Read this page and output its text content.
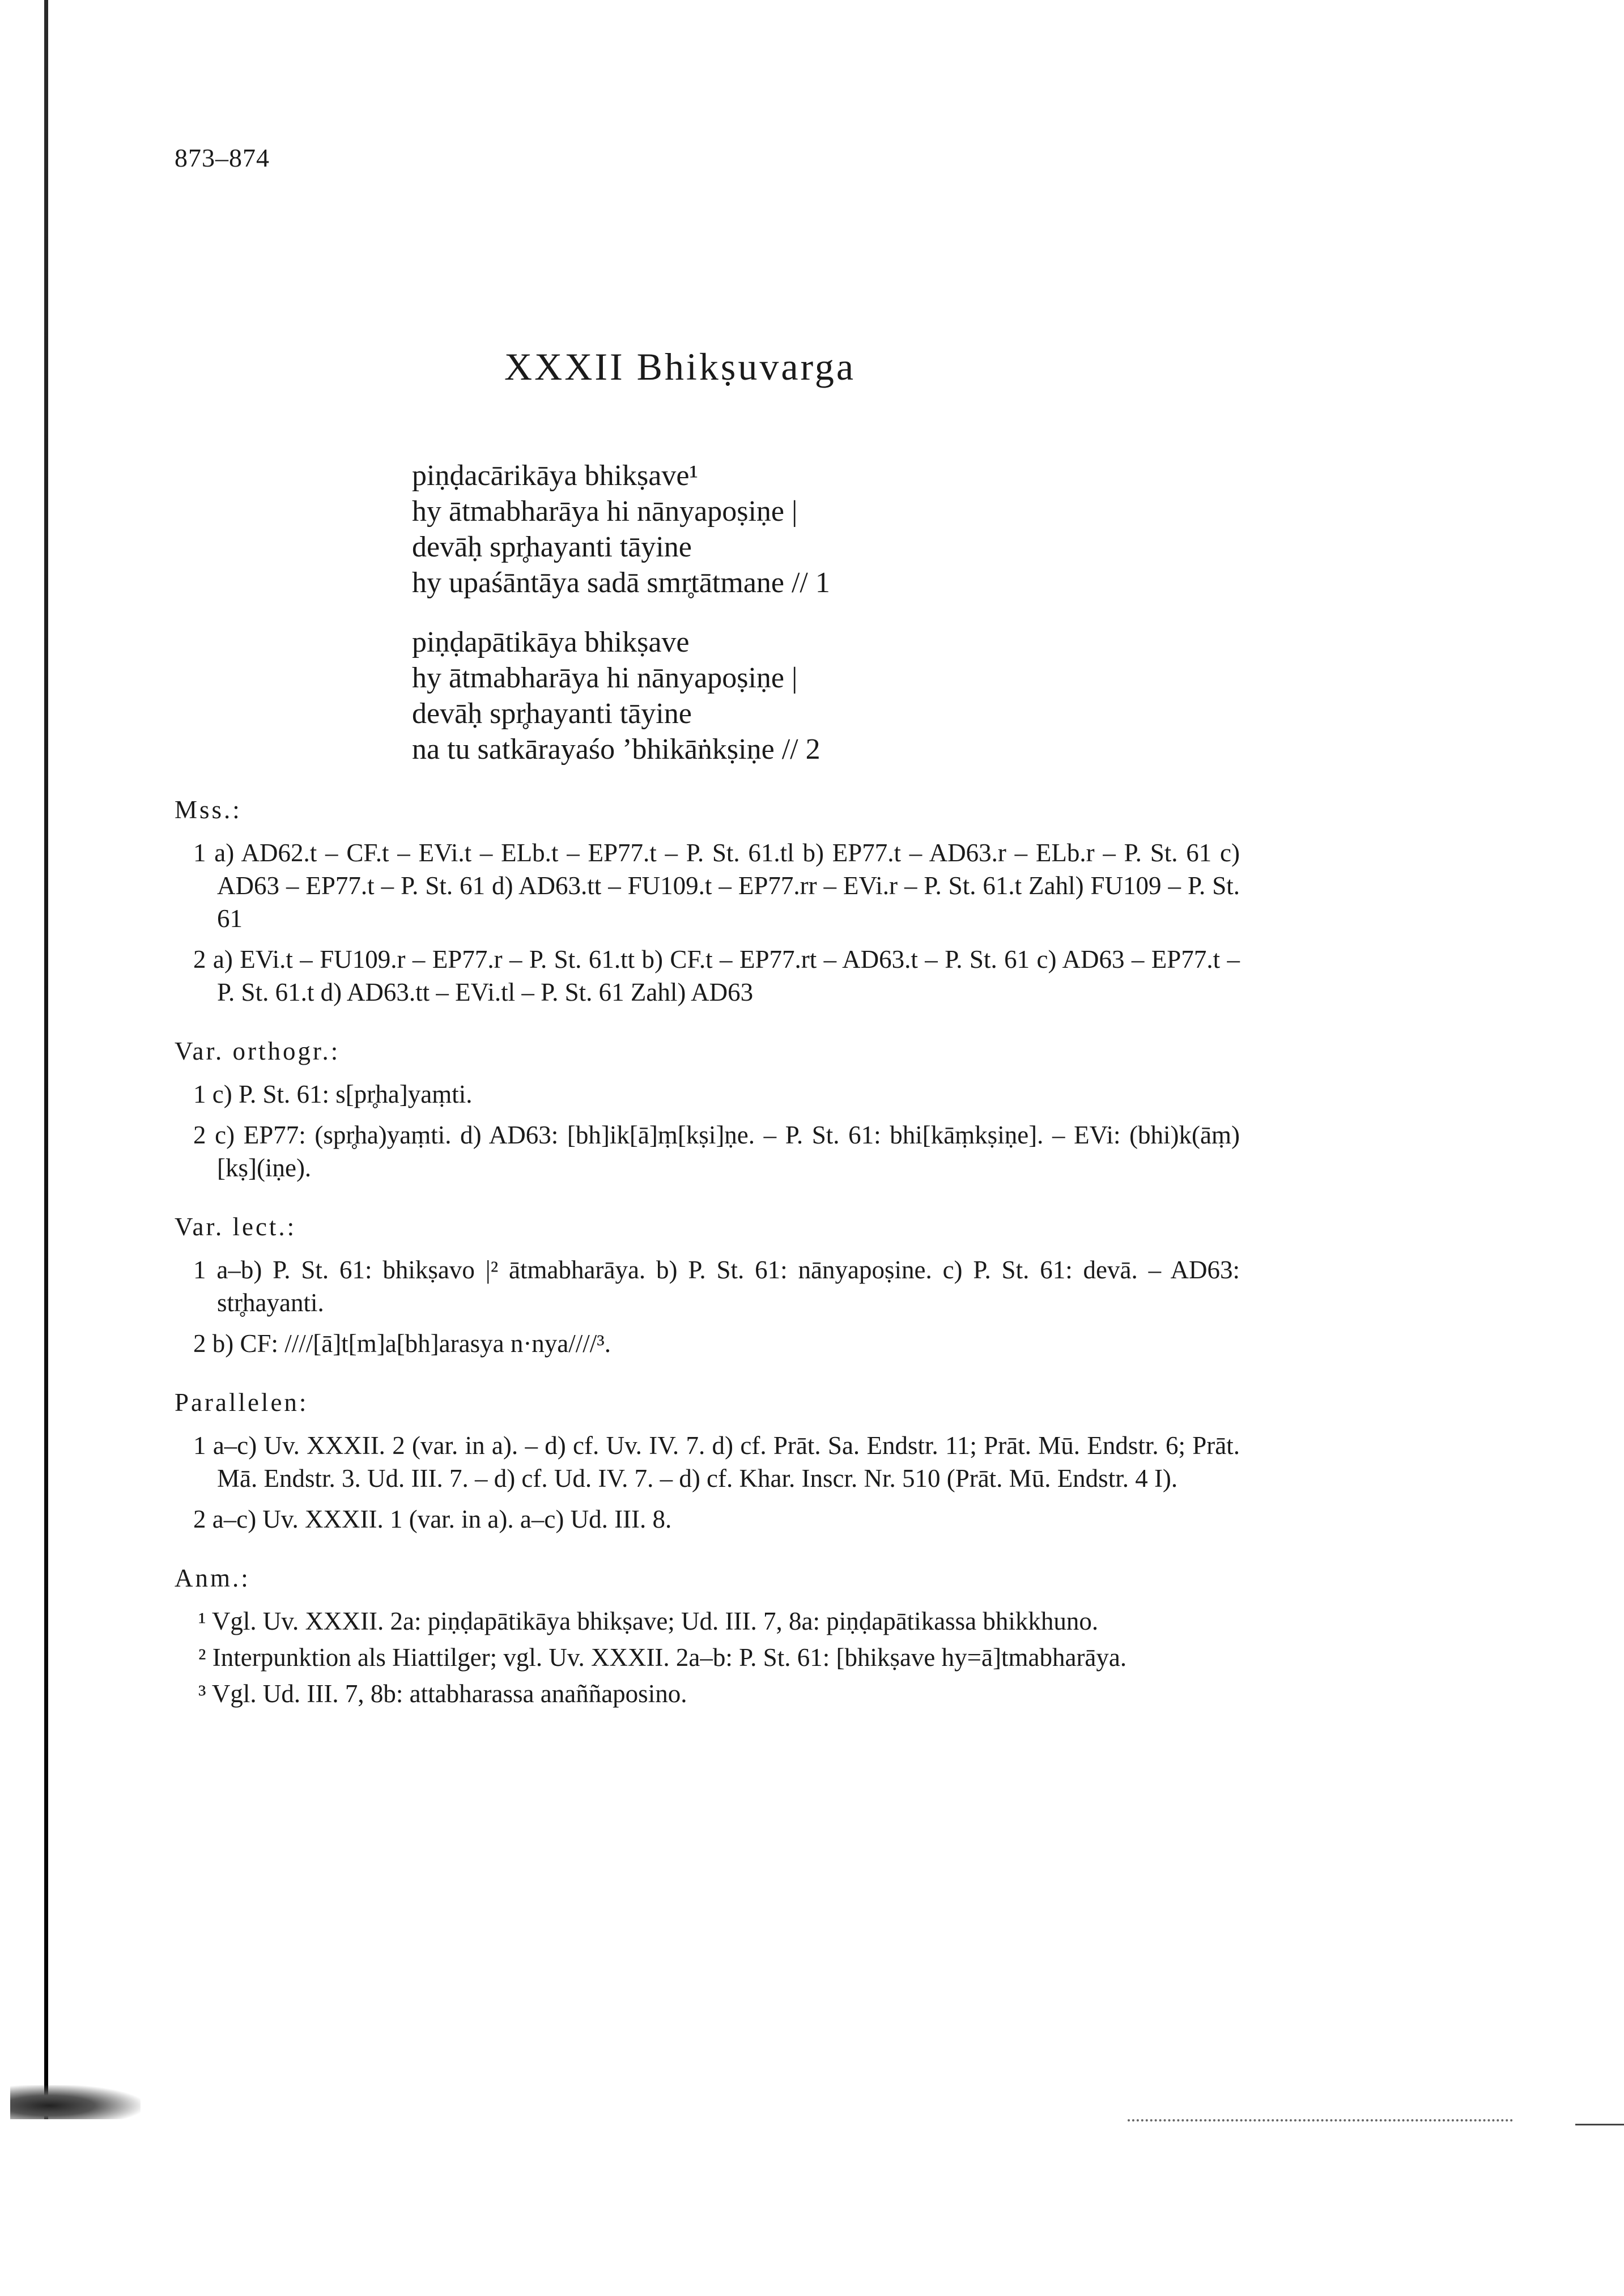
873–874
XXXII Bhikṣuvarga
piṇḍacārikāya bhikṣave¹
hy ātmabharāya hi nānyapoṣiṇe |
devāḥ spr̥hayanti tāyine
hy upaśāntāya sadā smr̥tātmane // 1
piṇḍapātikāya bhikṣave
hy ātmabharāya hi nānyapoṣiṇe |
devāḥ spr̥hayanti tāyine
na tu satkārayaśo ’bhikāṅkṣiṇe // 2
Mss.:
1 a) AD62.t – CF.t – EVi.t – ELb.t – EP77.t – P. St. 61.tl b) EP77.t – AD63.r – ELb.r – P. St. 61 c) AD63 – EP77.t – P. St. 61 d) AD63.tt – FU109.t – EP77.rr – EVi.r – P. St. 61.t Zahl) FU109 – P. St. 61
2 a) EVi.t – FU109.r – EP77.r – P. St. 61.tt b) CF.t – EP77.rt – AD63.t – P. St. 61 c) AD63 – EP77.t – P. St. 61.t d) AD63.tt – EVi.tl – P. St. 61 Zahl) AD63
Var. orthogr.:
1 c) P. St. 61: s[pr̥ha]yaṃti.
2 c) EP77: (spr̥ha)yaṃti. d) AD63: [bh]ik[ā]ṃ[kṣi]ṇe. – P. St. 61: bhi[kāṃkṣiṇe]. – EVi: (bhi)k(āṃ)[kṣ](iṇe).
Var. lect.:
1 a–b) P. St. 61: bhikṣavo |² ātmabharāya. b) P. St. 61: nānyapoṣine. c) P. St. 61: devā. – AD63: str̥hayanti.
2 b) CF: ////[ā]t[m]a[bh]arasya n·nya////³.
Parallelen:
1 a–c) Uv. XXXII. 2 (var. in a). – d) cf. Uv. IV. 7. d) cf. Prāt. Sa. Endstr. 11; Prāt. Mū. Endstr. 6; Prāt. Mā. Endstr. 3. Ud. III. 7. – d) cf. Ud. IV. 7. – d) cf. Khar. Inscr. Nr. 510 (Prāt. Mū. Endstr. 4 I).
2 a–c) Uv. XXXII. 1 (var. in a). a–c) Ud. III. 8.
Anm.:
¹ Vgl. Uv. XXXII. 2a: piṇḍapātikāya bhikṣave; Ud. III. 7, 8a: piṇḍapātikassa bhikkhuno.
² Interpunktion als Hiattilger; vgl. Uv. XXXII. 2a–b: P. St. 61: [bhikṣave hy=ā]tmabharāya.
³ Vgl. Ud. III. 7, 8b: attabharassa anaññaposino.
